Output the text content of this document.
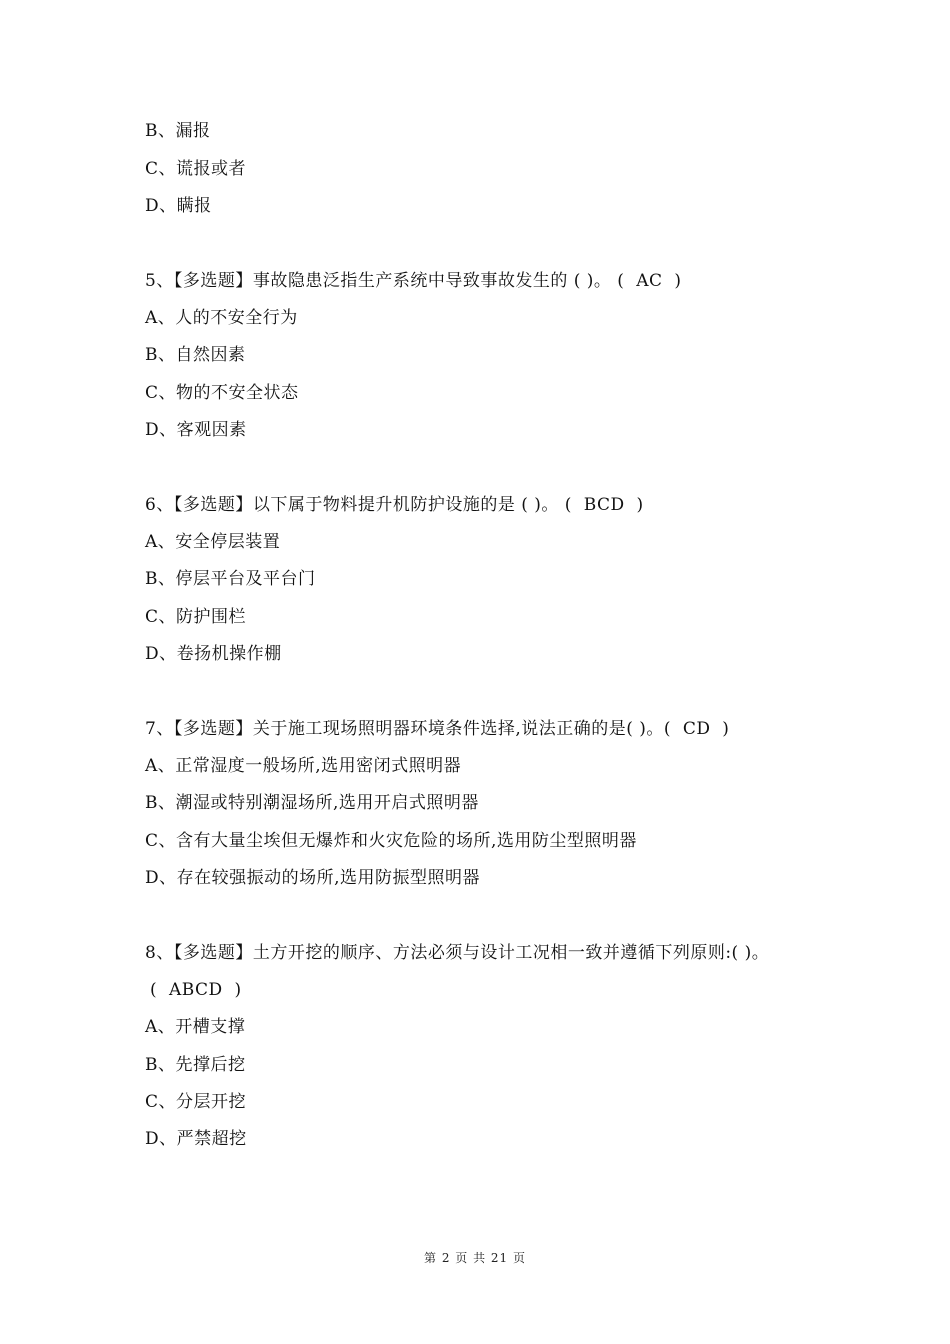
B、漏报
C、谎报或者
D、瞒报
5、【多选题】事故隐患泛指生产系统中导致事故发生的 ( )。 (  AC  )
A、人的不安全行为
B、自然因素
C、物的不安全状态
D、客观因素
6、【多选题】以下属于物料提升机防护设施的是 ( )。 (  BCD  )
A、安全停层装置
B、停层平台及平台门
C、防护围栏
D、卷扬机操作棚
7、【多选题】关于施工现场照明器环境条件选择,说法正确的是( )。(  CD  )
A、正常湿度一般场所,选用密闭式照明器
B、潮湿或特别潮湿场所,选用开启式照明器
C、含有大量尘埃但无爆炸和火灾危险的场所,选用防尘型照明器
D、存在较强振动的场所,选用防振型照明器
8、【多选题】土方开挖的顺序、方法必须与设计工况相一致并遵循下列原则:( )。
(  ABCD  )
A、开槽支撑
B、先撑后挖
C、分层开挖
D、严禁超挖
第 2 页 共 21 页
